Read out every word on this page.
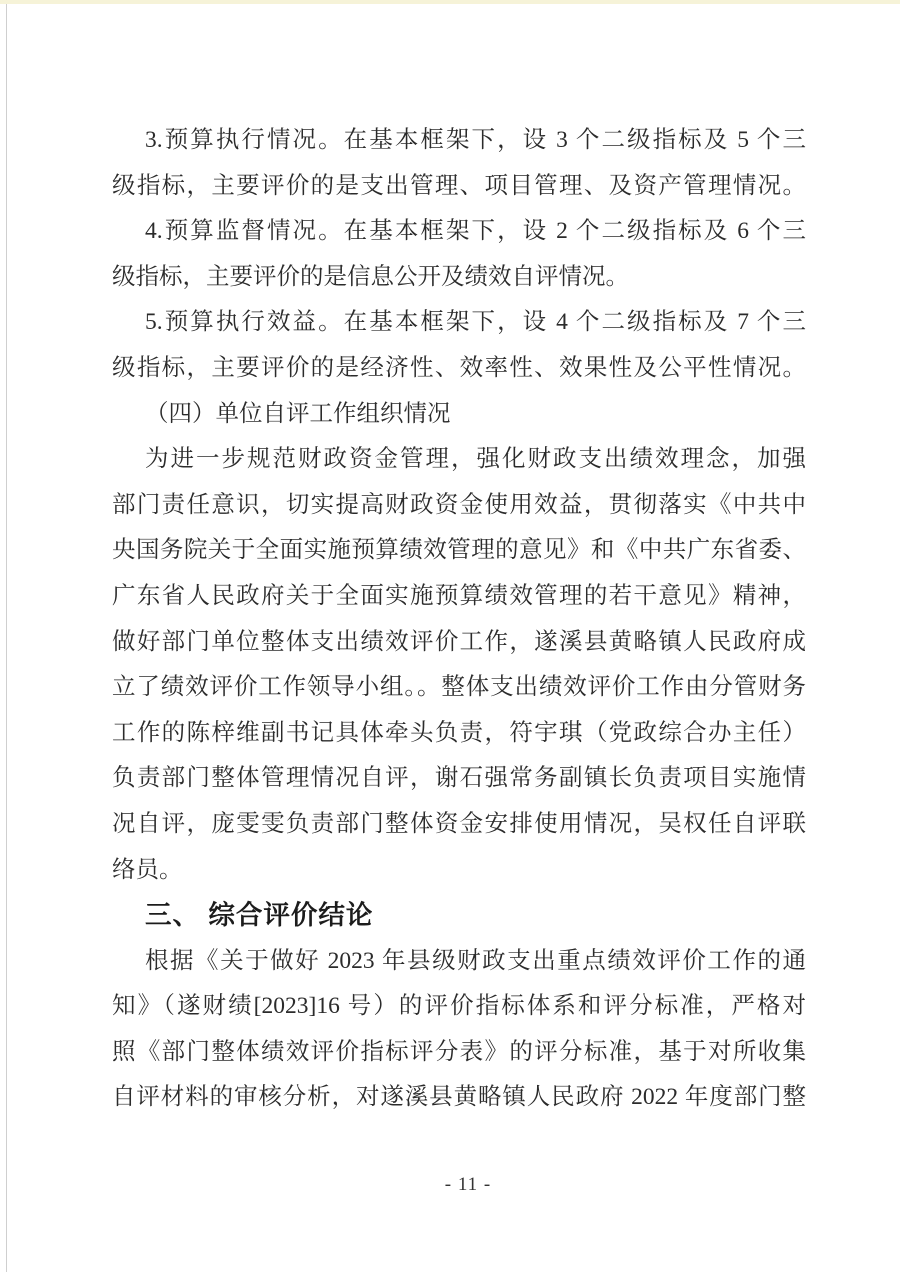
3.预算执行情况。在基本框架下，设 3 个二级指标及 5 个三
级指标，主要评价的是支出管理、项目管理、及资产管理情况。
4.预算监督情况。在基本框架下，设 2 个二级指标及 6 个三
级指标，主要评价的是信息公开及绩效自评情况。
5.预算执行效益。在基本框架下，设 4 个二级指标及 7 个三
级指标，主要评价的是经济性、效率性、效果性及公平性情况。
（四）单位自评工作组织情况
为进一步规范财政资金管理，强化财政支出绩效理念，加强
部门责任意识，切实提高财政资金使用效益，贯彻落实《中共中
央国务院关于全面实施预算绩效管理的意见》和《中共广东省委、
广东省人民政府关于全面实施预算绩效管理的若干意见》精神，
做好部门单位整体支出绩效评价工作，遂溪县黄略镇人民政府成
立了绩效评价工作领导小组。。整体支出绩效评价工作由分管财务
工作的陈梓维副书记具体牵头负责，符宇琪（党政综合办主任）
负责部门整体管理情况自评，谢石强常务副镇长负责项目实施情
况自评，庞雯雯负责部门整体资金安排使用情况，吴权任自评联
络员。
三、 综合评价结论
根据《关于做好 2023 年县级财政支出重点绩效评价工作的通
知》（遂财绩[2023]16 号）的评价指标体系和评分标准，严格对
照《部门整体绩效评价指标评分表》的评分标准，基于对所收集
自评材料的审核分析，对遂溪县黄略镇人民政府 2022 年度部门整
- 11 -
